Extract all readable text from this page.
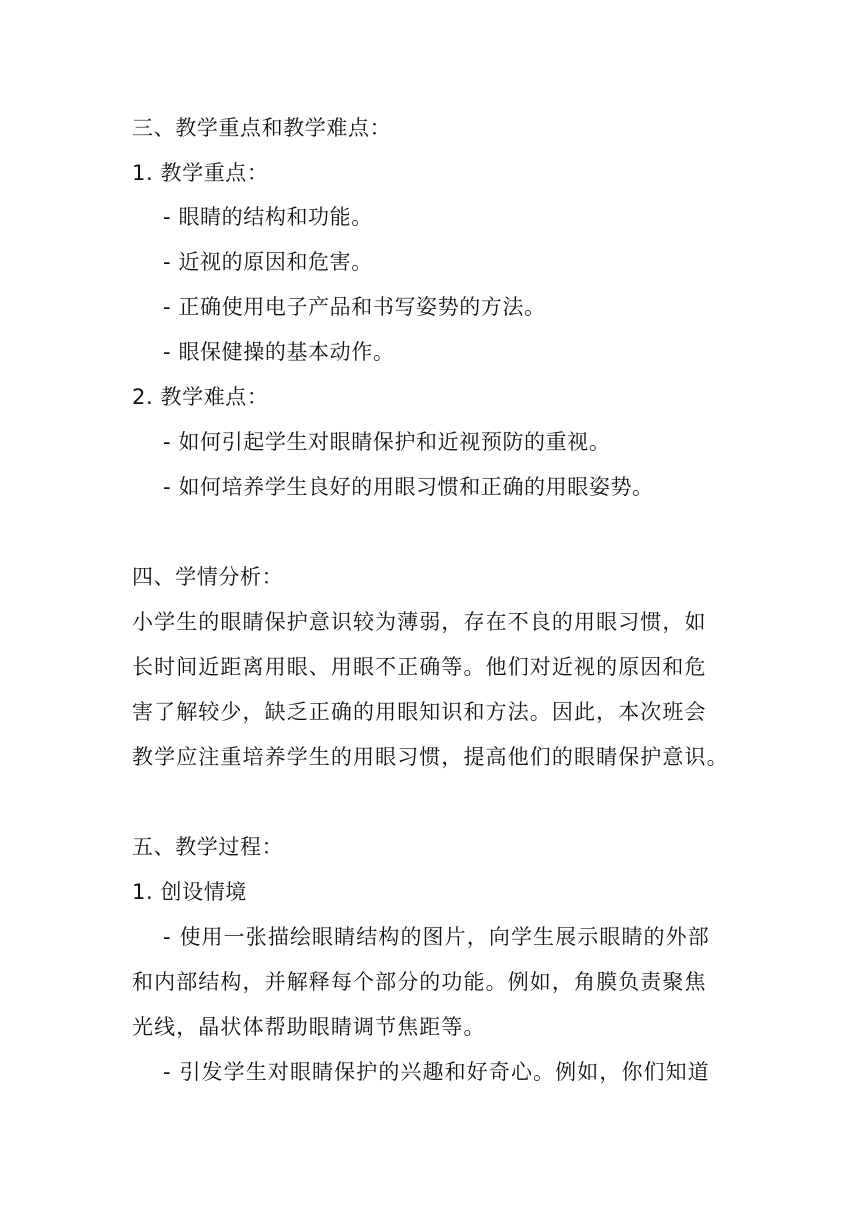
三、教学重点和教学难点：
1. 教学重点：
- 眼睛的结构和功能。
- 近视的原因和危害。
- 正确使用电子产品和书写姿势的方法。
- 眼保健操的基本动作。
2. 教学难点：
- 如何引起学生对眼睛保护和近视预防的重视。
- 如何培养学生良好的用眼习惯和正确的用眼姿势。
四、学情分析：
小学生的眼睛保护意识较为薄弱，存在不良的用眼习惯，如
长时间近距离用眼、用眼不正确等。他们对近视的原因和危
害了解较少，缺乏正确的用眼知识和方法。因此，本次班会
教学应注重培养学生的用眼习惯，提高他们的眼睛保护意识。
五、教学过程：
1. 创设情境
- 使用一张描绘眼睛结构的图片，向学生展示眼睛的外部
和内部结构，并解释每个部分的功能。例如，角膜负责聚焦
光线，晶状体帮助眼睛调节焦距等。
- 引发学生对眼睛保护的兴趣和好奇心。例如，你们知道
